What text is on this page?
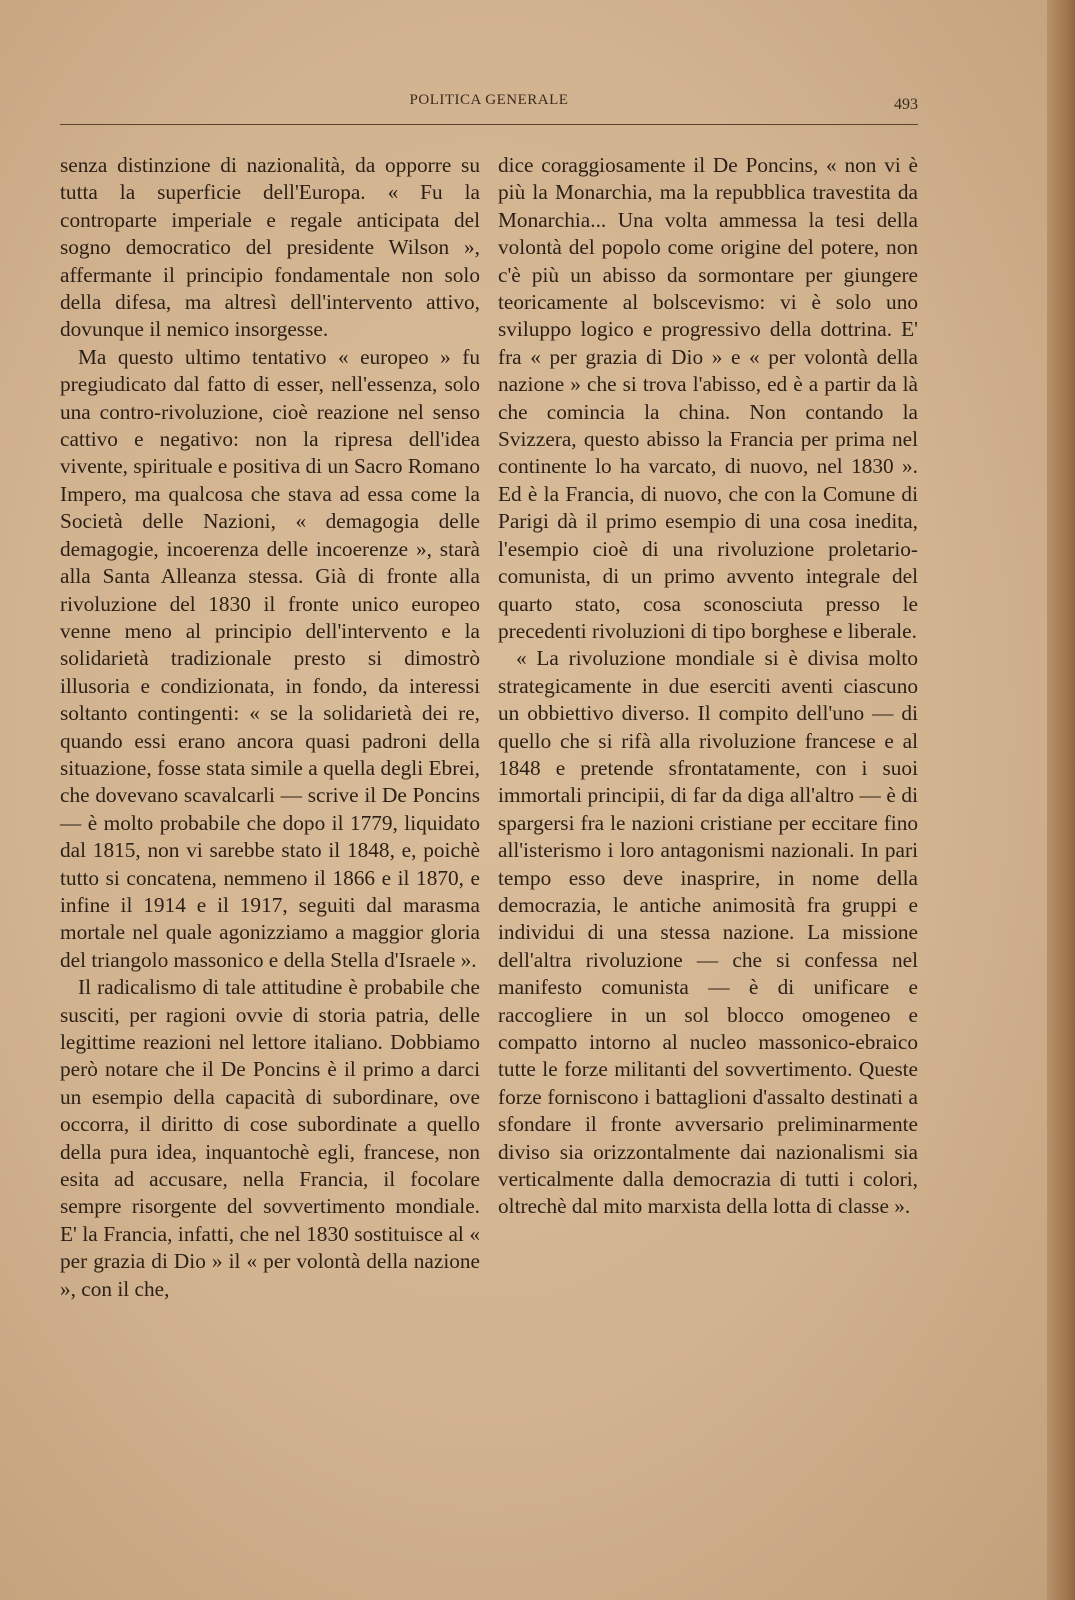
POLITICA GENERALE	493

senza distinzione di nazionalità, da opporre su tutta la superficie dell'Europa. « Fu la controparte imperiale e regale anticipata del sogno democratico del presidente Wilson », affermante il principio fondamentale non solo della difesa, ma altresì dell'intervento attivo, dovunque il nemico insorgesse.

Ma questo ultimo tentativo « europeo » fu pregiudicato dal fatto di esser, nell'essenza, solo una contro-rivoluzione, cioè reazione nel senso cattivo e negativo: non la ripresa dell'idea vivente, spirituale e positiva di un Sacro Romano Impero, ma qualcosa che stava ad essa come la Società delle Nazioni, « demagogia delle demagogie, incoerenza delle incoerenze », starà alla Santa Alleanza stessa. Già di fronte alla rivoluzione del 1830 il fronte unico europeo venne meno al principio dell'intervento e la solidarietà tradizionale presto si dimostrò illusoria e condizionata, in fondo, da interessi soltanto contingenti: « se la solidarietà dei re, quando essi erano ancora quasi padroni della situazione, fosse stata simile a quella degli Ebrei, che dovevano scavalcarli — scrive il De Poncins — è molto probabile che dopo il 1779, liquidato dal 1815, non vi sarebbe stato il 1848, e, poichè tutto si concatena, nemmeno il 1866 e il 1870, e infine il 1914 e il 1917, seguiti dal marasma mortale nel quale agonizziamo a maggior gloria del triangolo massonico e della Stella d'Israele ».

Il radicalismo di tale attitudine è probabile che susciti, per ragioni ovvie di storia patria, delle legittime reazioni nel lettore italiano. Dobbiamo però notare che il De Poncins è il primo a darci un esempio della capacità di subordinare, ove occorra, il diritto di cose subordinate a quello della pura idea, inquantochè egli, francese, non esita ad accusare, nella Francia, il focolare sempre risorgente del sovvertimento mondiale. E' la Francia, infatti, che nel 1830 sostituisce al « per grazia di Dio » il « per volontà della nazione », con il che,

dice coraggiosamente il De Poncins, « non vi è più la Monarchia, ma la repubblica travestita da Monarchia... Una volta ammessa la tesi della volontà del popolo come origine del potere, non c'è più un abisso da sormontare per giungere teoricamente al bolscevismo: vi è solo uno sviluppo logico e progressivo della dottrina. E' fra « per grazia di Dio » e « per volontà della nazione » che si trova l'abisso, ed è a partir da là che comincia la china. Non contando la Svizzera, questo abisso la Francia per prima nel continente lo ha varcato, di nuovo, nel 1830 ». Ed è la Francia, di nuovo, che con la Comune di Parigi dà il primo esempio di una cosa inedita, l'esempio cioè di una rivoluzione proletario-comunista, di un primo avvento integrale del quarto stato, cosa sconosciuta presso le precedenti rivoluzioni di tipo borghese e liberale.

« La rivoluzione mondiale si è divisa molto strategicamente in due eserciti aventi ciascuno un obbiettivo diverso. Il compito dell'uno — di quello che si rifà alla rivoluzione francese e al 1848 e pretende sfrontatamente, con i suoi immortali principii, di far da diga all'altro — è di spargersi fra le nazioni cristiane per eccitare fino all'isterismo i loro antagonismi nazionali. In pari tempo esso deve inasprire, in nome della democrazia, le antiche animosità fra gruppi e individui di una stessa nazione. La missione dell'altra rivoluzione — che si confessa nel manifesto comunista — è di unificare e raccogliere in un sol blocco omogeneo e compatto intorno al nucleo massonico-ebraico tutte le forze militanti del sovvertimento. Queste forze forniscono i battaglioni d'assalto destinati a sfondare il fronte avversario preliminarmente diviso sia orizzontalmente dai nazionalismi sia verticalmente dalla democrazia di tutti i colori, oltrechè dal mito marxista della lotta di classe ».
